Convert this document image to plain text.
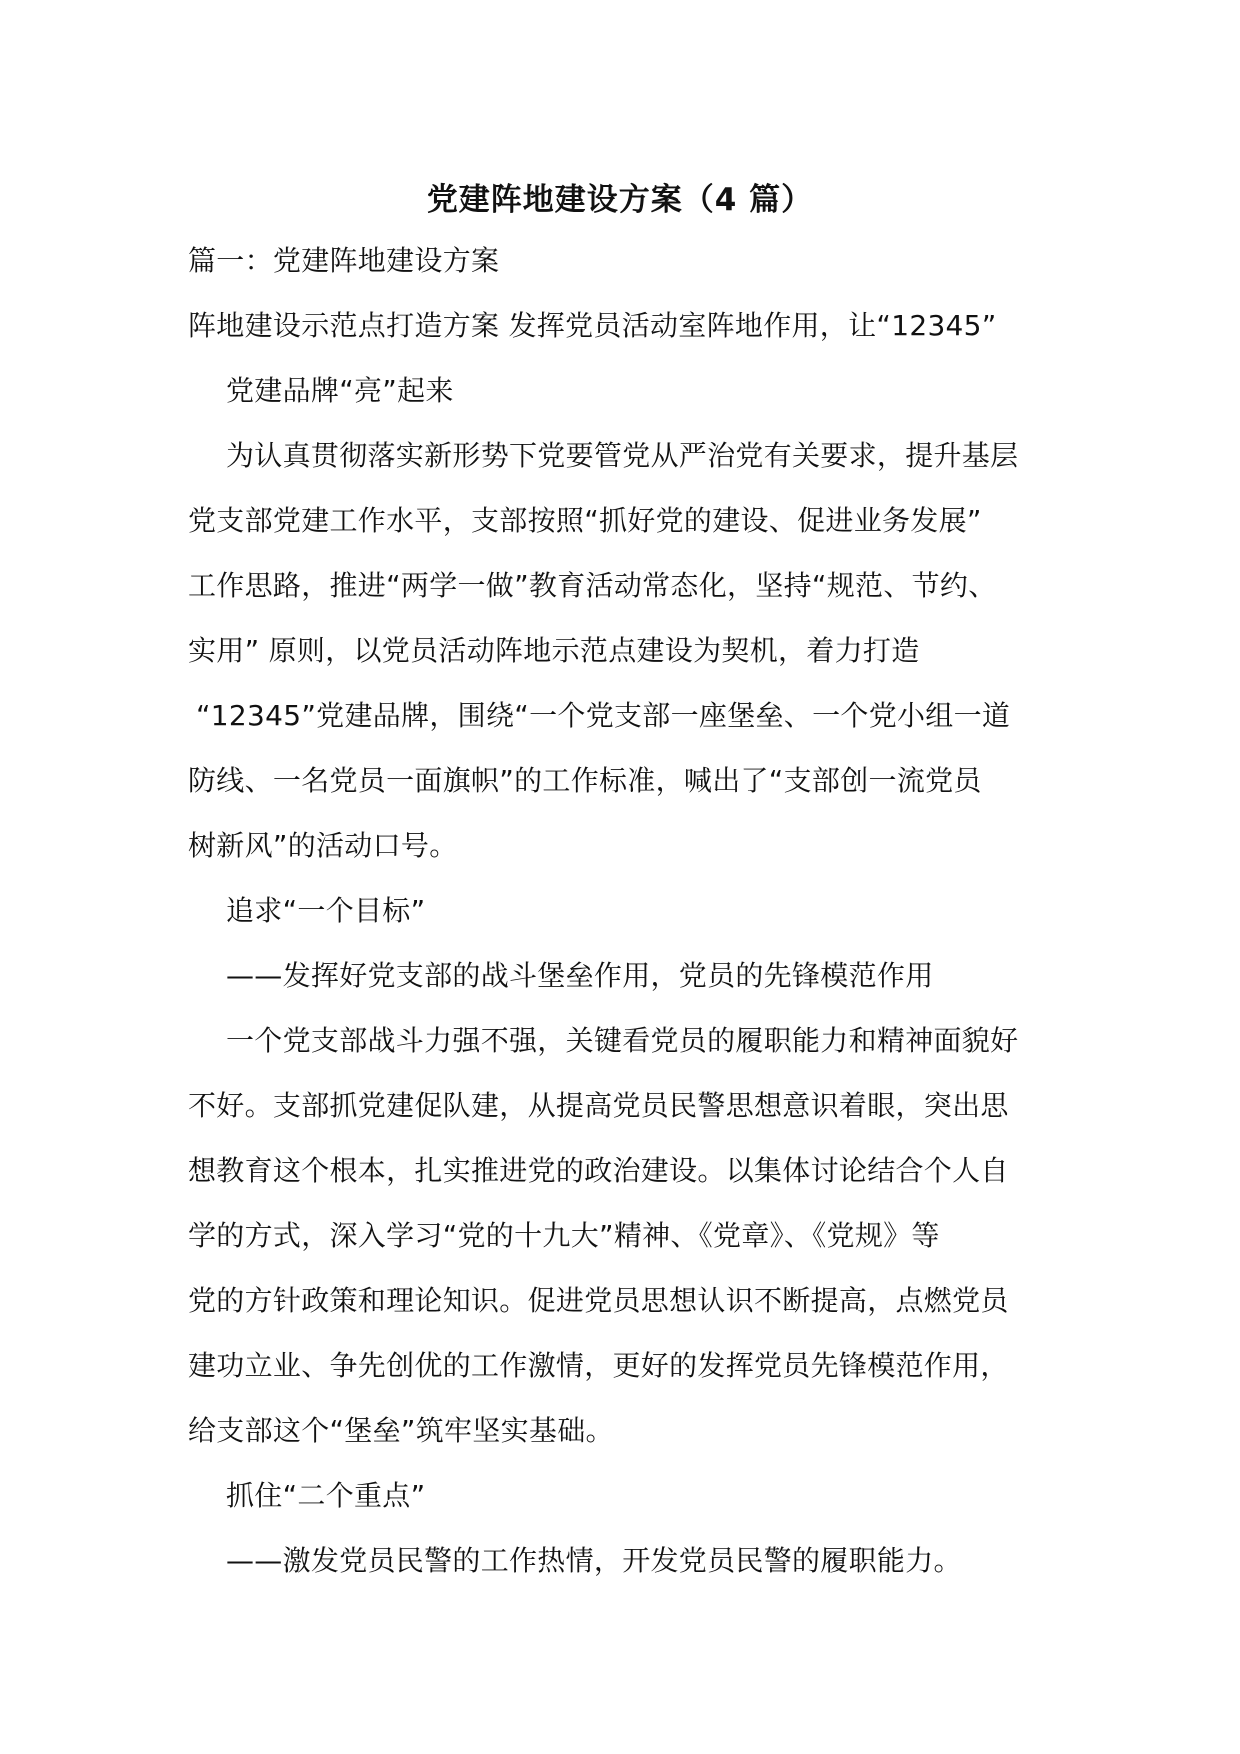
党建阵地建设方案（4 篇）
篇一：党建阵地建设方案
阵地建设示范点打造方案 发挥党员活动室阵地作用，让“12345”
党建品牌“亮”起来
为认真贯彻落实新形势下党要管党从严治党有关要求，提升基层
党支部党建工作水平，支部按照“抓好党的建设、促进业务发展”
工作思路，推进“两学一做”教育活动常态化，坚持“规范、节约、
实用” 原则，以党员活动阵地示范点建设为契机，着力打造
“12345”党建品牌，围绕“一个党支部一座堡垒、一个党小组一道
防线、一名党员一面旗帜”的工作标准，喊出了“支部创一流党员
树新风”的活动口号。
追求“一个目标”
——发挥好党支部的战斗堡垒作用，党员的先锋模范作用
一个党支部战斗力强不强，关键看党员的履职能力和精神面貌好
不好。支部抓党建促队建，从提高党员民警思想意识着眼，突出思
想教育这个根本，扎实推进党的政治建设。以集体讨论结合个人自
学的方式，深入学习“党的十九大”精神、《党章》、《党规》等
党的方针政策和理论知识。促进党员思想认识不断提高，点燃党员
建功立业、争先创优的工作激情，更好的发挥党员先锋模范作用，
给支部这个“堡垒”筑牢坚实基础。
抓住“二个重点”
——激发党员民警的工作热情，开发党员民警的履职能力。
